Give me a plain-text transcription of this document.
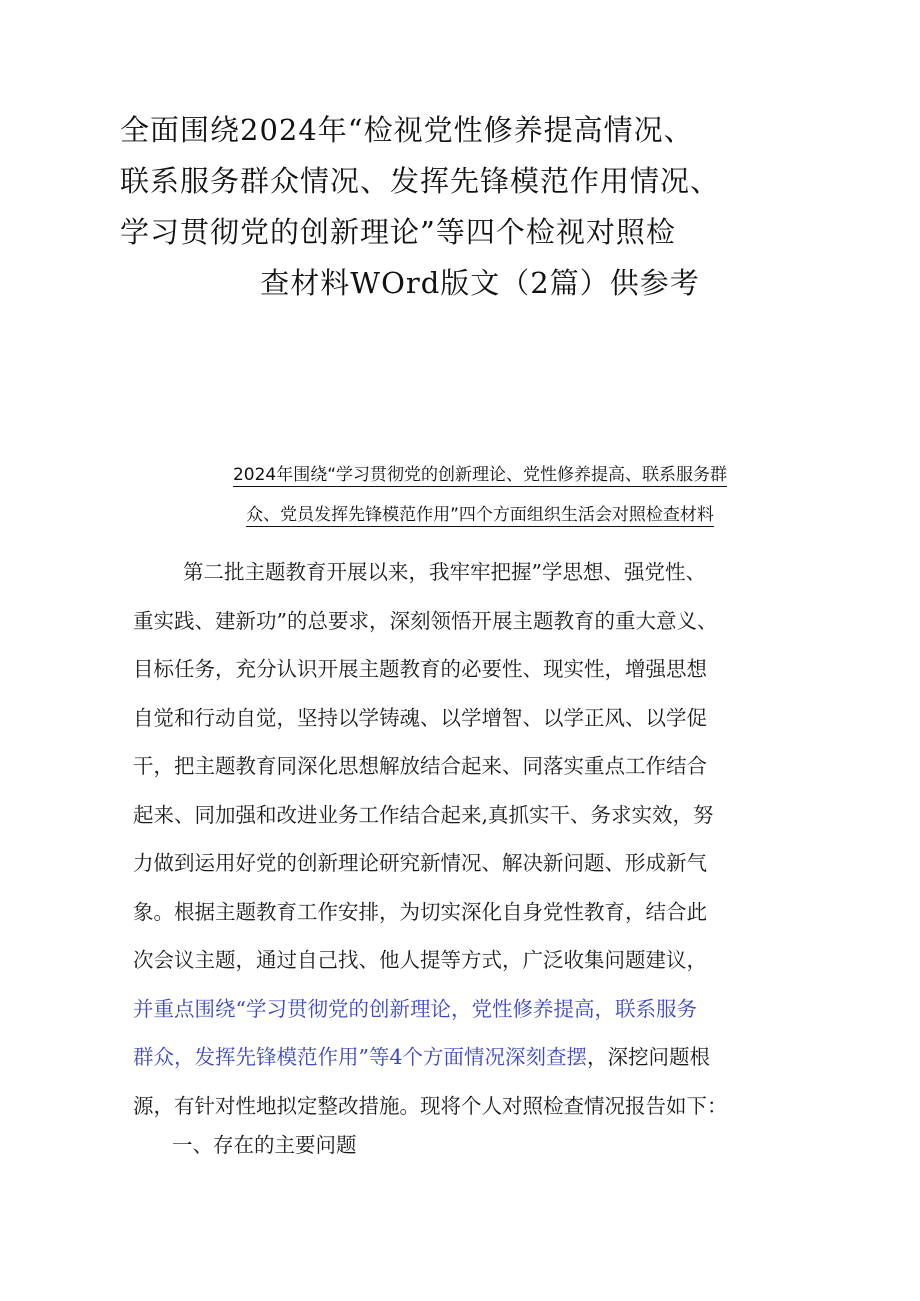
全面围绕2024年“检视党性修养提高情况、
联系服务群众情况、发挥先锋模范作用情况、
学习贯彻党的创新理论”等四个检视对照检
查材料WOrd版文（2篇）供参考
2024年围绕“学习贯彻党的创新理论、党性修养提高、联系服务群
众、党员发挥先锋模范作用”四个方面组织生活会对照检查材料
第二批主题教育开展以来，我牢牢把握”学思想、强党性、
重实践、建新功”的总要求，深刻领悟开展主题教育的重大意义、
目标任务，充分认识开展主题教育的必要性、现实性，增强思想
自觉和行动自觉，坚持以学铸魂、以学增智、以学正风、以学促
干，把主题教育同深化思想解放结合起来、同落实重点工作结合
起来、同加强和改进业务工作结合起来,真抓实干、务求实效，努
力做到运用好党的创新理论研究新情况、解决新问题、形成新气
象。根据主题教育工作安排，为切实深化自身党性教育，结合此
次会议主题，通过自己找、他人提等方式，广泛收集问题建议，
并重点围绕“学习贯彻党的创新理论，党性修养提高，联系服务
群众，发挥先锋模范作用”等4个方面情况深刻查摆，深挖问题根
源，有针对性地拟定整改措施。现将个人对照检查情况报告如下：
一、存在的主要问题
